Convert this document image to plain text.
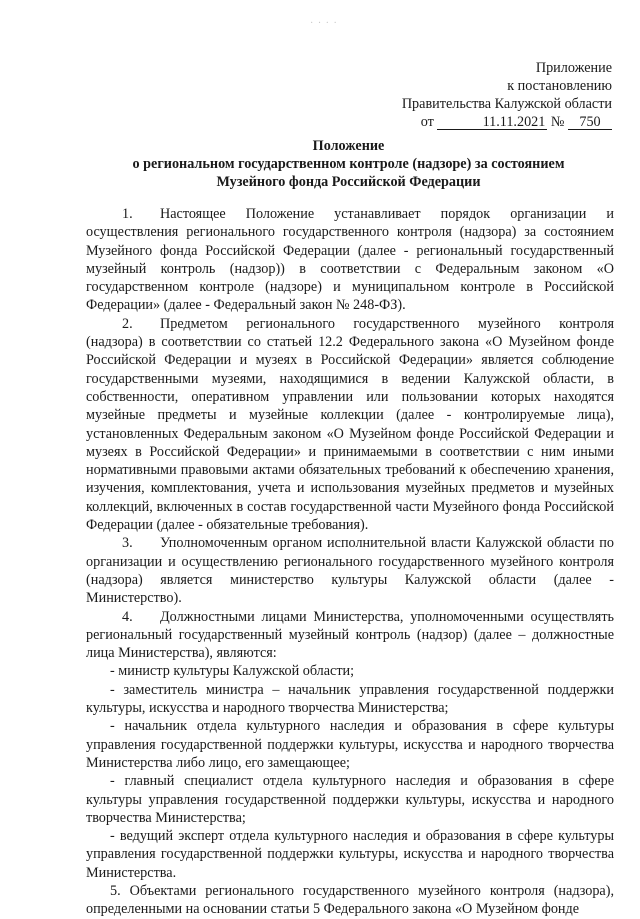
· · · ·
Приложение
к постановлению
Правительства Калужской области
от	11.11.2021 № 750
Положение
о региональном государственном контроле (надзоре) за состоянием
Музейного фонда Российской Федерации

1. Настоящее Положение устанавливает порядок организации и осуществления регионального государственного контроля (надзора) за состоянием Музейного фонда Российской Федерации (далее - региональный государственный музейный контроль (надзор)) в соответствии с Федеральным законом «О государственном контроле (надзоре) и муниципальном контроле в Российской Федерации» (далее - Федеральный закон № 248-ФЗ).

2. Предметом регионального государственного музейного контроля (надзора) в соответствии со статьей 12.2 Федерального закона «О Музейном фонде Российской Федерации и музеях в Российской Федерации» является соблюдение государственными музеями, находящимися в ведении Калужской области, в собственности, оперативном управлении или пользовании которых находятся музейные предметы и музейные коллекции (далее - контролируемые лица), установленных Федеральным законом «О Музейном фонде Российской Федерации и музеях в Российской Федерации» и принимаемыми в соответствии с ним иными нормативными правовыми актами обязательных требований к обеспечению хранения, изучения, комплектования, учета и использования музейных предметов и музейных коллекций, включенных в состав государственной части Музейного фонда Российской Федерации (далее - обязательные требования).

3. Уполномоченным органом исполнительной власти Калужской области по организации и осуществлению регионального государственного музейного контроля (надзора) является министерство культуры Калужской области (далее - Министерство).

4. Должностными лицами Министерства, уполномоченными осуществлять региональный государственный музейный контроль (надзор) (далее – должностные лица Министерства), являются:

- министр культуры Калужской области;

- заместитель министра – начальник управления государственной поддержки культуры, искусства и народного творчества Министерства;

- начальник отдела культурного наследия и образования в сфере культуры управления государственной поддержки культуры, искусства и народного творчества Министерства либо лицо, его замещающее;

- главный специалист отдела культурного наследия и образования в сфере культуры управления государственной поддержки культуры, искусства и народного творчества Министерства;

- ведущий эксперт отдела культурного наследия и образования в сфере культуры управления государственной поддержки культуры, искусства и народного творчества Министерства.

5. Объектами регионального государственного музейного контроля (надзора), определенными на основании статьи 5 Федерального закона «О Музейном фонде
